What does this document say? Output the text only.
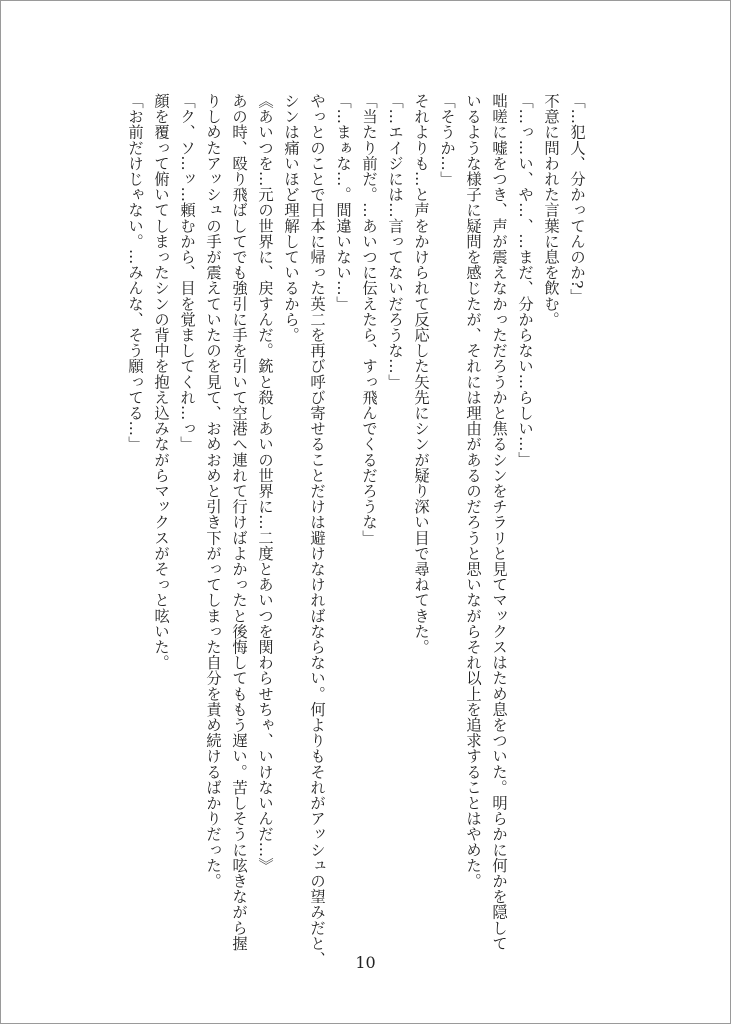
「…犯人、分かってんのか?」
不意に問われた言葉に息を飲む。
「…っ…い、や…、…まだ、分からない…らしい…」
咄嗟に嘘をつき、声が震えなかっただろうかと焦るシンをチラリと見てマックスはため息をついた。明らかに何かを隠して
いるような様子に疑問を感じたが、それには理由があるのだろうと思いながらそれ以上を追求することはやめた。
「そうか…」
それよりも…と声をかけられて反応した矢先にシンが疑り深い目で尋ねてきた。
「…エイジには…言ってないだろうな…」
「当たり前だ。…あいつに伝えたら、すっ飛んでくるだろうな」
「…まぁな…。間違いない…」
やっとのことで日本に帰った英二を再び呼び寄せることだけは避けなければならない。何よりもそれがアッシュの望みだと、
シンは痛いほど理解しているから。
《あいつを…元の世界に、戻すんだ。銃と殺しあいの世界に…二度とあいつを関わらせちゃ、いけないんだ…》
あの時、殴り飛ばしてでも強引に手を引いて空港へ連れて行けばよかったと後悔してももう遅い。苦しそうに呟きながら握
りしめたアッシュの手が震えていたのを見て、おめおめと引き下がってしまった自分を責め続けるばかりだった。
「ク、ソ…ッ…頼むから、目を覚ましてくれ…っ」
顔を覆って俯いてしまったシンの背中を抱え込みながらマックスがそっと呟いた。
「お前だけじゃない。…みんな、そう願ってる…」
10
